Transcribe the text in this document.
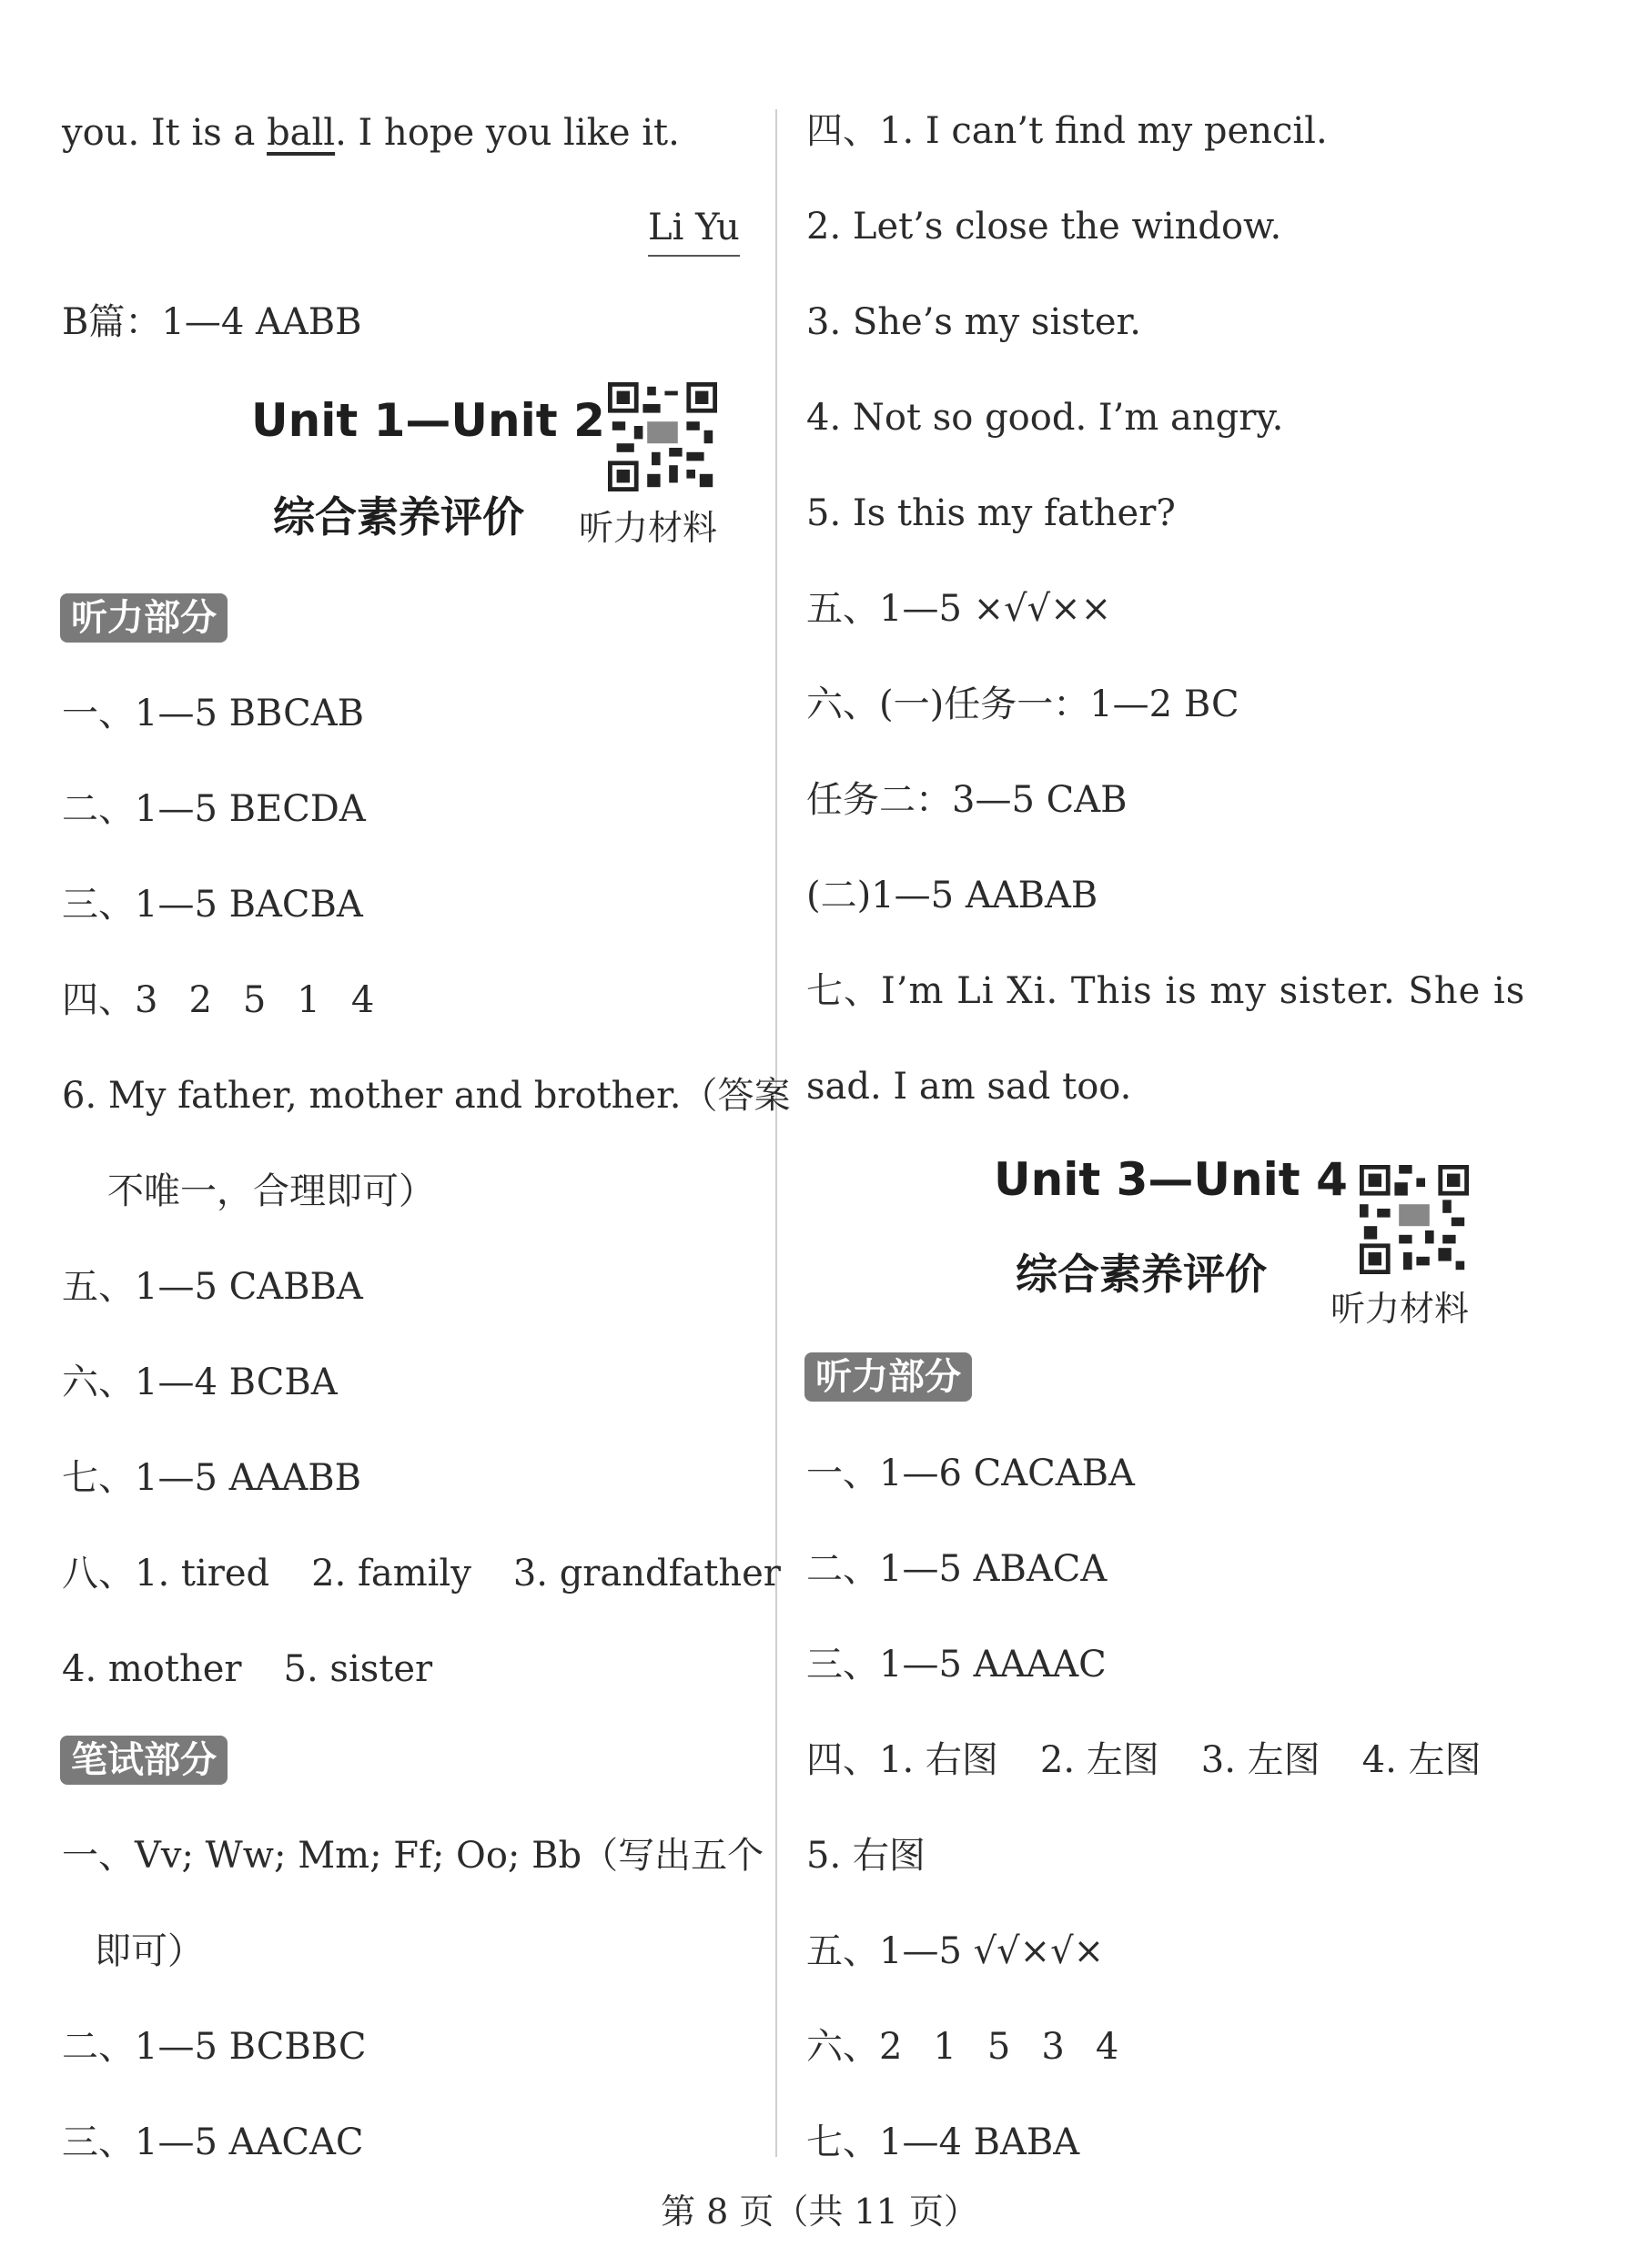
you. It is a ball. I hope you like it.
Li Yu
B篇：1—4 AABB
Unit 1—Unit 2
综合素养评价 听力材料
听力部分
一、1—5 BBCAB
二、1—5 BECDA
三、1—5 BACBA
四、3 2 5 1 4
6. My father, mother and brother.（答案
不唯一，合理即可）
五、1—5 CABBA
六、1—4 BCBA
七、1—5 AAABB
八、1. tired 2. family 3. grandfather
4. mother 5. sister
笔试部分
一、Vv; Ww; Mm; Ff; Oo; Bb（写出五个
即可）
二、1—5 BCBBC
三、1—5 AACAC
四、1. I can’t find my pencil.
2. Let’s close the window.
3. She’s my sister.
4. Not so good. I’m angry.
5. Is this my father?
五、1—5 ×√√××
六、(一)任务一：1—2 BC
任务二：3—5 CAB
(二)1—5 AABAB
七、I’m Li Xi. This is my sister. She is
sad. I am sad too.
Unit 3—Unit 4
综合素养评价
听力材料
听力部分
一、1—6 CACABA
二、1—5 ABACA
三、1—5 AAAAC
四、1. 右图 2. 左图 3. 左图 4. 左图
5. 右图
五、1—5 √√×√×
六、2 1 5 3 4
七、1—4 BABA
第 8 页（共 11 页）
